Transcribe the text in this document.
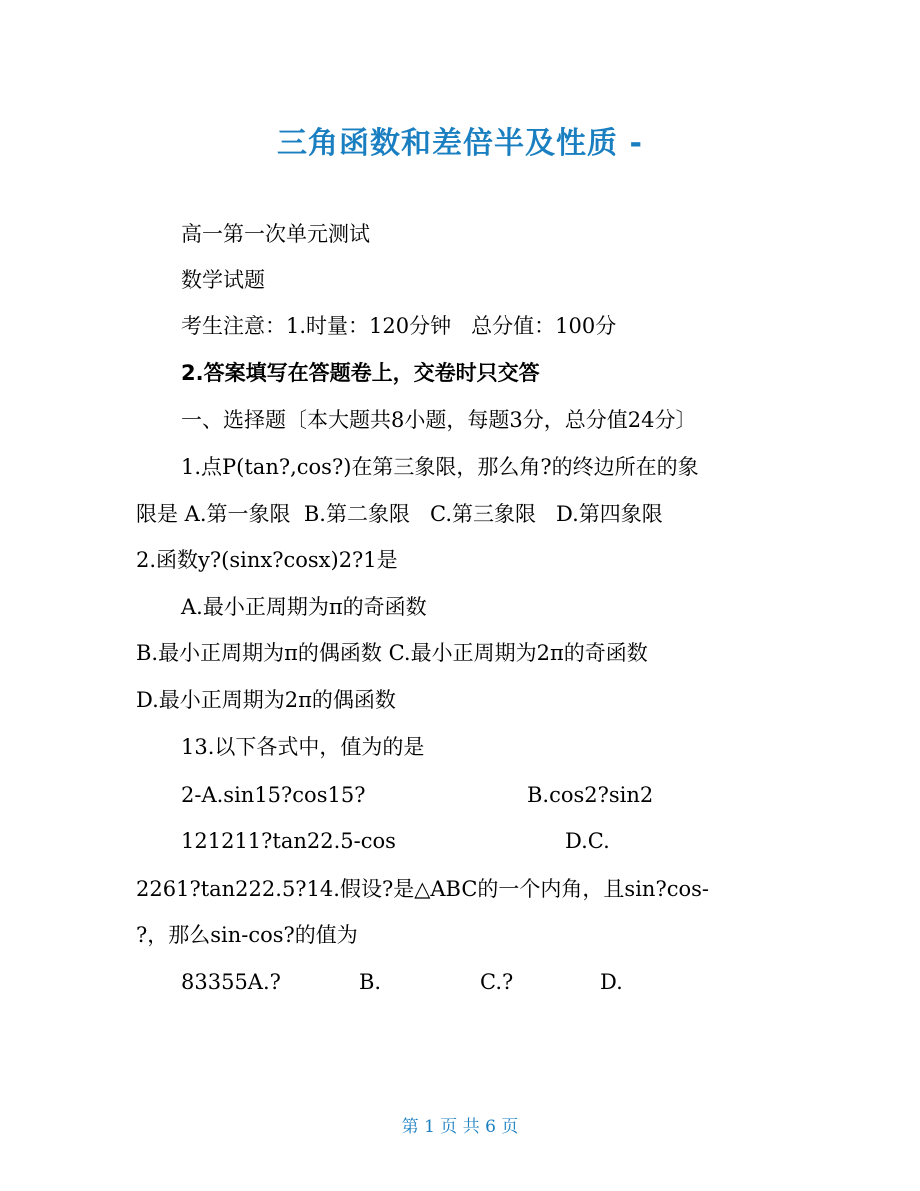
三角函数和差倍半及性质 -
高一第一次单元测试
数学试题
考生注意：1.时量：120分钟   总分值：100分
2.答案填写在答题卷上，交卷时只交答
一、选择题〔本大题共8小题，每题3分，总分值24分〕
1.点P(tan?,cos?)在第三象限，那么角?的终边所在的象
限是 A.第一象限  B.第二象限   C.第三象限   D.第四象限
2.函数y?(sinx?cosx)2?1是
A.最小正周期为π的奇函数
B.最小正周期为π的偶函数 C.最小正周期为2π的奇函数
D.最小正周期为2π的偶函数
13.以下各式中，值为的是
2-A.sin15?cos15?	B.cos2?sin2
121211?tan22.5-cos	D.C.
2261?tan222.5?14.假设?是△ABC的一个内角，且sin?cos-
?，那么sin-cos?的值为
83355A.?	B.	C.?	D.
第 1 页 共 6 页
